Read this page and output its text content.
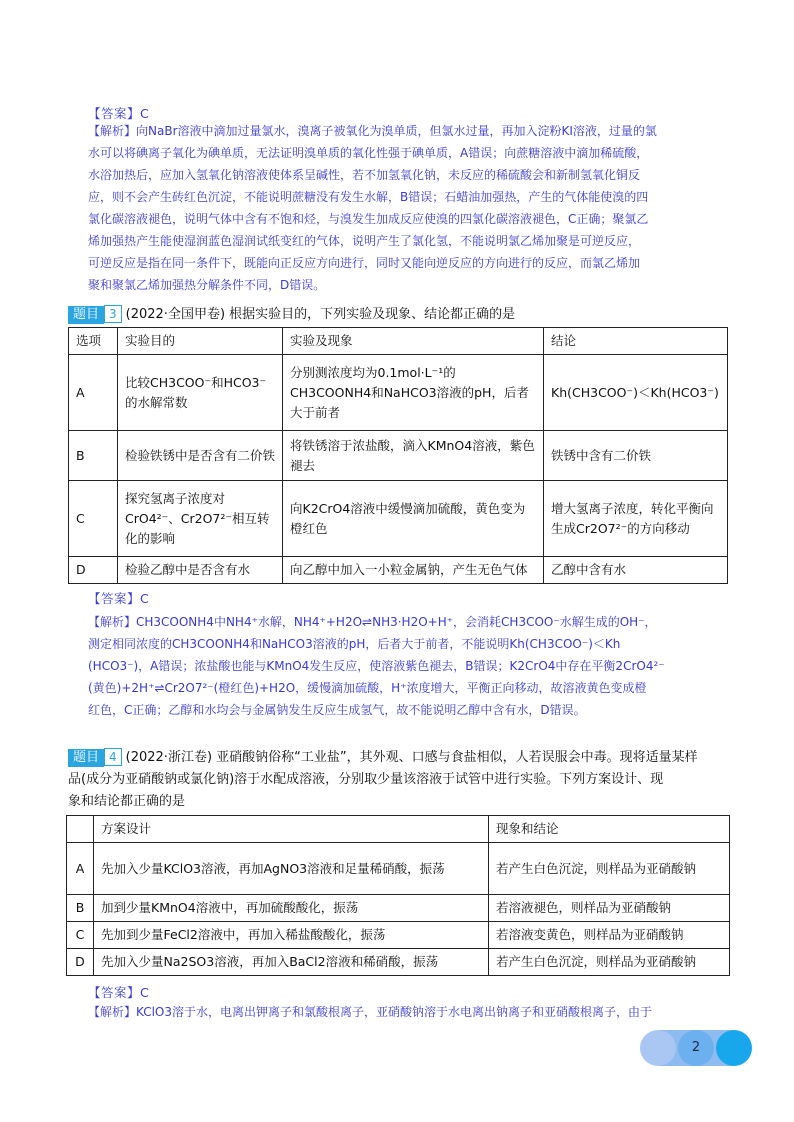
【答案】C
【解析】向NaBr溶液中滴加过量氯水，溴离子被氧化为溴单质，但氯水过量，再加入淀粉KI溶液，过量的氯
水可以将碘离子氧化为碘单质，无法证明溴单质的氧化性强于碘单质，A错误；向蔗糖溶液中滴加稀硫酸，
水浴加热后，应加入氢氧化钠溶液使体系呈碱性，若不加氢氧化钠，未反应的稀硫酸会和新制氢氧化铜反
应，则不会产生砖红色沉淀，不能说明蔗糖没有发生水解，B错误；石蜡油加强热，产生的气体能使溴的四
氯化碳溶液褪色，说明气体中含有不饱和烃，与溴发生加成反应使溴的四氯化碳溶液褪色，C正确；聚氯乙
烯加强热产生能使湿润蓝色湿润试纸变红的气体，说明产生了氯化氢，不能说明氯乙烯加聚是可逆反应，
可逆反应是指在同一条件下，既能向正反应方向进行，同时又能向逆反应的方向进行的反应，而氯乙烯加
聚和聚氯乙烯加强热分解条件不同，D错误。
题目 3 (2022·全国甲卷) 根据实验目的，下列实验及现象、结论都正确的是
选项	实验目的	实验及现象	结论
A	比较CH3COO⁻和HCO3⁻的水解常数	分别测浓度均为0.1mol·L⁻¹的CH3COONH4和NaHCO3溶液的pH，后者大于前者	Kh(CH3COO⁻)＜Kh(HCO3⁻)
B	检验铁锈中是否含有二价铁	将铁锈溶于浓盐酸，滴入KMnO4溶液，紫色褪去	铁锈中含有二价铁
C	探究氢离子浓度对CrO4²⁻、Cr2O7²⁻相互转化的影响	向K2CrO4溶液中缓慢滴加硫酸，黄色变为橙红色	增大氢离子浓度，转化平衡向生成Cr2O7²⁻的方向移动
D	检验乙醇中是否含有水	向乙醇中加入一小粒金属钠，产生无色气体	乙醇中含有水
【答案】C
【解析】CH3COONH4中NH4⁺水解，NH4⁺+H2O⇌NH3·H2O+H⁺，会消耗CH3COO⁻水解生成的OH⁻，
测定相同浓度的CH3COONH4和NaHCO3溶液的pH，后者大于前者，不能说明Kh(CH3COO⁻)＜Kh
(HCO3⁻)，A错误；浓盐酸也能与KMnO4发生反应，使溶液紫色褪去，B错误；K2CrO4中存在平衡2CrO4²⁻
(黄色)+2H⁺⇌Cr2O7²⁻(橙红色)+H2O，缓慢滴加硫酸，H⁺浓度增大，平衡正向移动，故溶液黄色变成橙
红色，C正确；乙醇和水均会与金属钠发生反应生成氢气，故不能说明乙醇中含有水，D错误。
题目 4 (2022·浙江卷) 亚硝酸钠俗称“工业盐”，其外观、口感与食盐相似，人若误服会中毒。现将适量某样
品(成分为亚硝酸钠或氯化钠)溶于水配成溶液，分别取少量该溶液于试管中进行实验。下列方案设计、现
象和结论都正确的是
	方案设计	现象和结论
A	先加入少量KClO3溶液，再加AgNO3溶液和足量稀硝酸，振荡	若产生白色沉淀，则样品为亚硝酸钠
B	加到少量KMnO4溶液中，再加硫酸酸化，振荡	若溶液褪色，则样品为亚硝酸钠
C	先加到少量FeCl2溶液中，再加入稀盐酸酸化，振荡	若溶液变黄色，则样品为亚硝酸钠
D	先加入少量Na2SO3溶液，再加入BaCl2溶液和稀硝酸，振荡	若产生白色沉淀，则样品为亚硝酸钠
【答案】C
【解析】KClO3溶于水，电离出钾离子和氯酸根离子，亚硝酸钠溶于水电离出钠离子和亚硝酸根离子，由于
2
